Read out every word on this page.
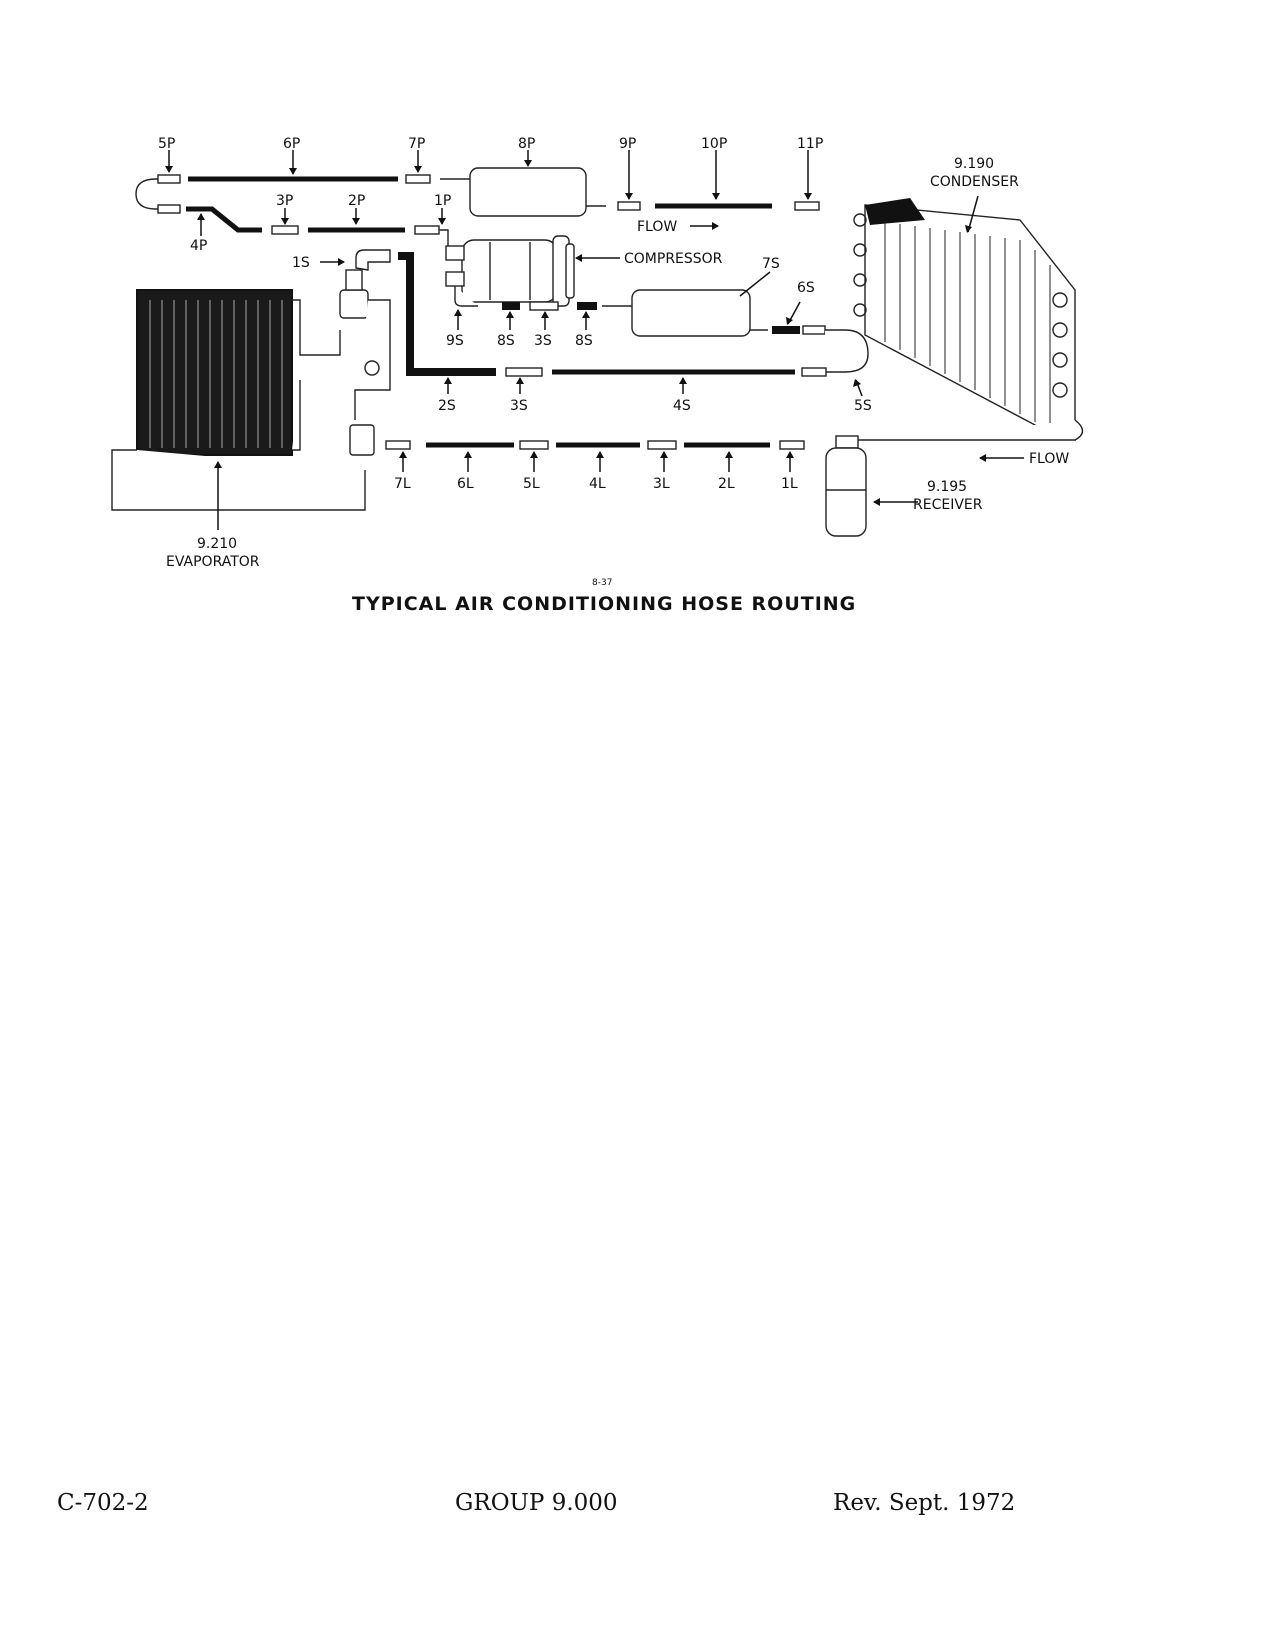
5P	6P	7P	8P	9P	10P	11P
3P	2P	1P
4P
1S	7S
6S
9S 8S 3S 8S
2S	3S	4S	5S
7L	6L	5L	4L	3L	2L	1L
9.190
CONDENSER
COMPRESSOR
9.195
RECEIVER
9.210
EVAPORATOR
FLOW
FLOW
8-37
TYPICAL AIR CONDITIONING HOSE ROUTING
C-702-2	GROUP 9.000	Rev. Sept. 1972
